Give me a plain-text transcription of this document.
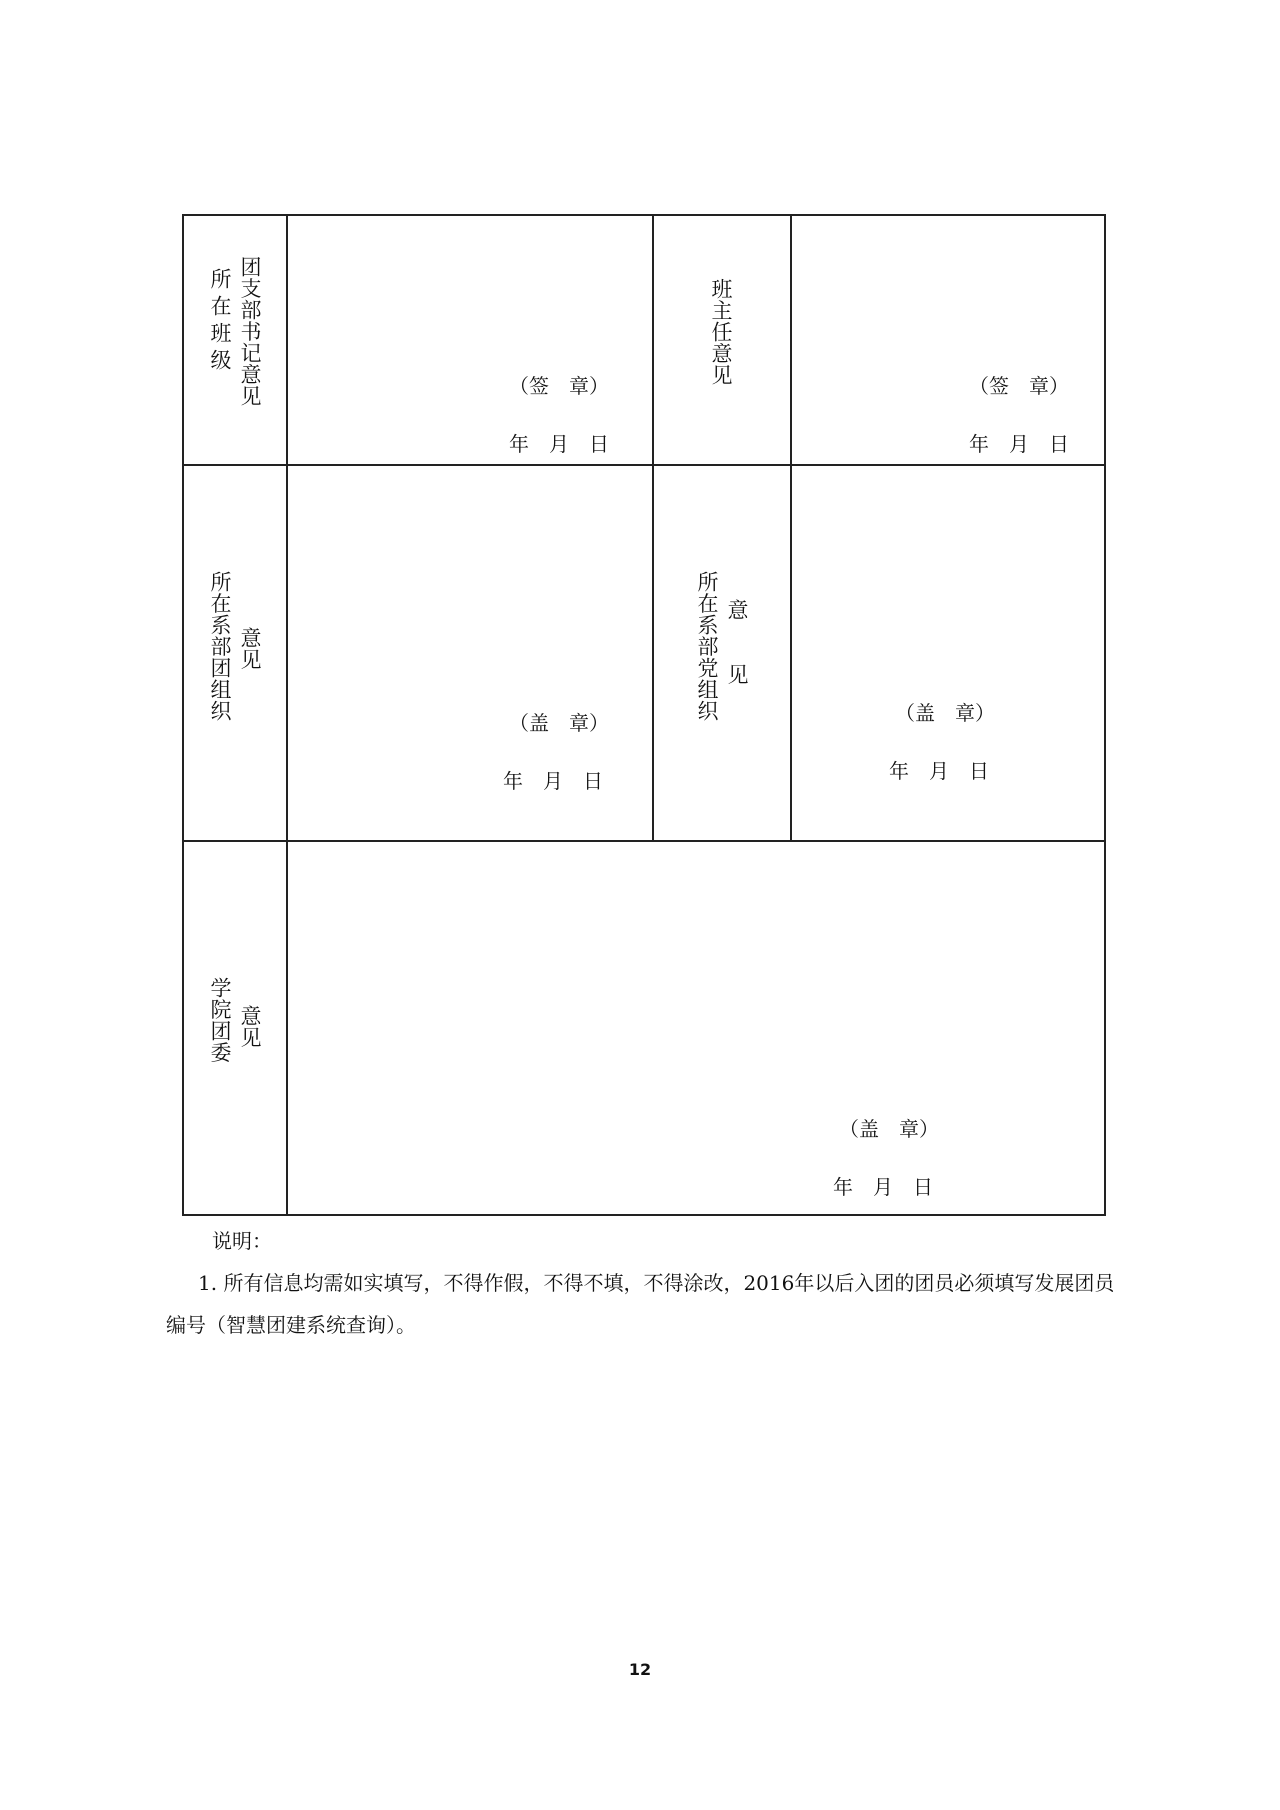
所在班级 团支部书记意见	（签　章）
年　月　日
班主任意见
（签　章）
年　月　日
所在系部团组织 意见
（盖　章）
年　月　日
所在系部党组织 意　　见
（盖　章）
年　月　日
学院团委 意见
（盖　章）
年　月　日
说明：
1. 所有信息均需如实填写，不得作假，不得不填，不得涂改，2016年以后入团的团员必须填写发展团员编号（智慧团建系统查询）。
12
